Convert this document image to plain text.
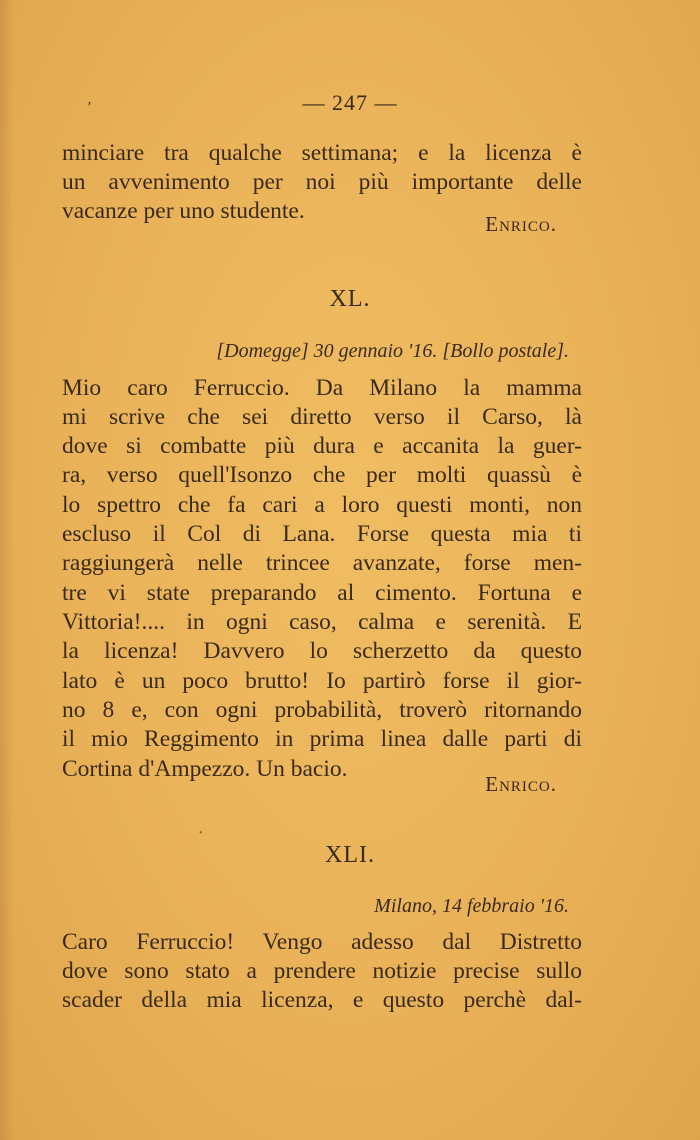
ʼ	— 247 —
minciare tra qualche settimana; e la licenza è
un avvenimento per noi più importante delle
vacanze per uno studente.	Enrico.
XL.
[Domegge] 30 gennaio '16. [Bollo postale].
Mio caro Ferruccio. Da Milano la mamma
mi scrive che sei diretto verso il Carso, là
dove si combatte più dura e accanita la guer-
ra, verso quell'Isonzo che per molti quassù è
lo spettro che fa cari a loro questi monti, non
escluso il Col di Lana. Forse questa mia ti
raggiungerà nelle trincee avanzate, forse men-
tre vi state preparando al cimento. Fortuna e
Vittoria!.... in ogni caso, calma e serenità. E
la licenza! Davvero lo scherzetto da questo
lato è un poco brutto! Io partirò forse il gior-
no 8 e, con ogni probabilità, troverò ritornando
il mio Reggimento in prima linea dalle parti di
Cortina d'Ampezzo. Un bacio.
Enrico.
•
XLI.
Milano, 14 febbraio '16.
Caro Ferruccio! Vengo adesso dal Distretto
dove sono stato a prendere notizie precise sullo
scader della mia licenza, e questo perchè dal-
